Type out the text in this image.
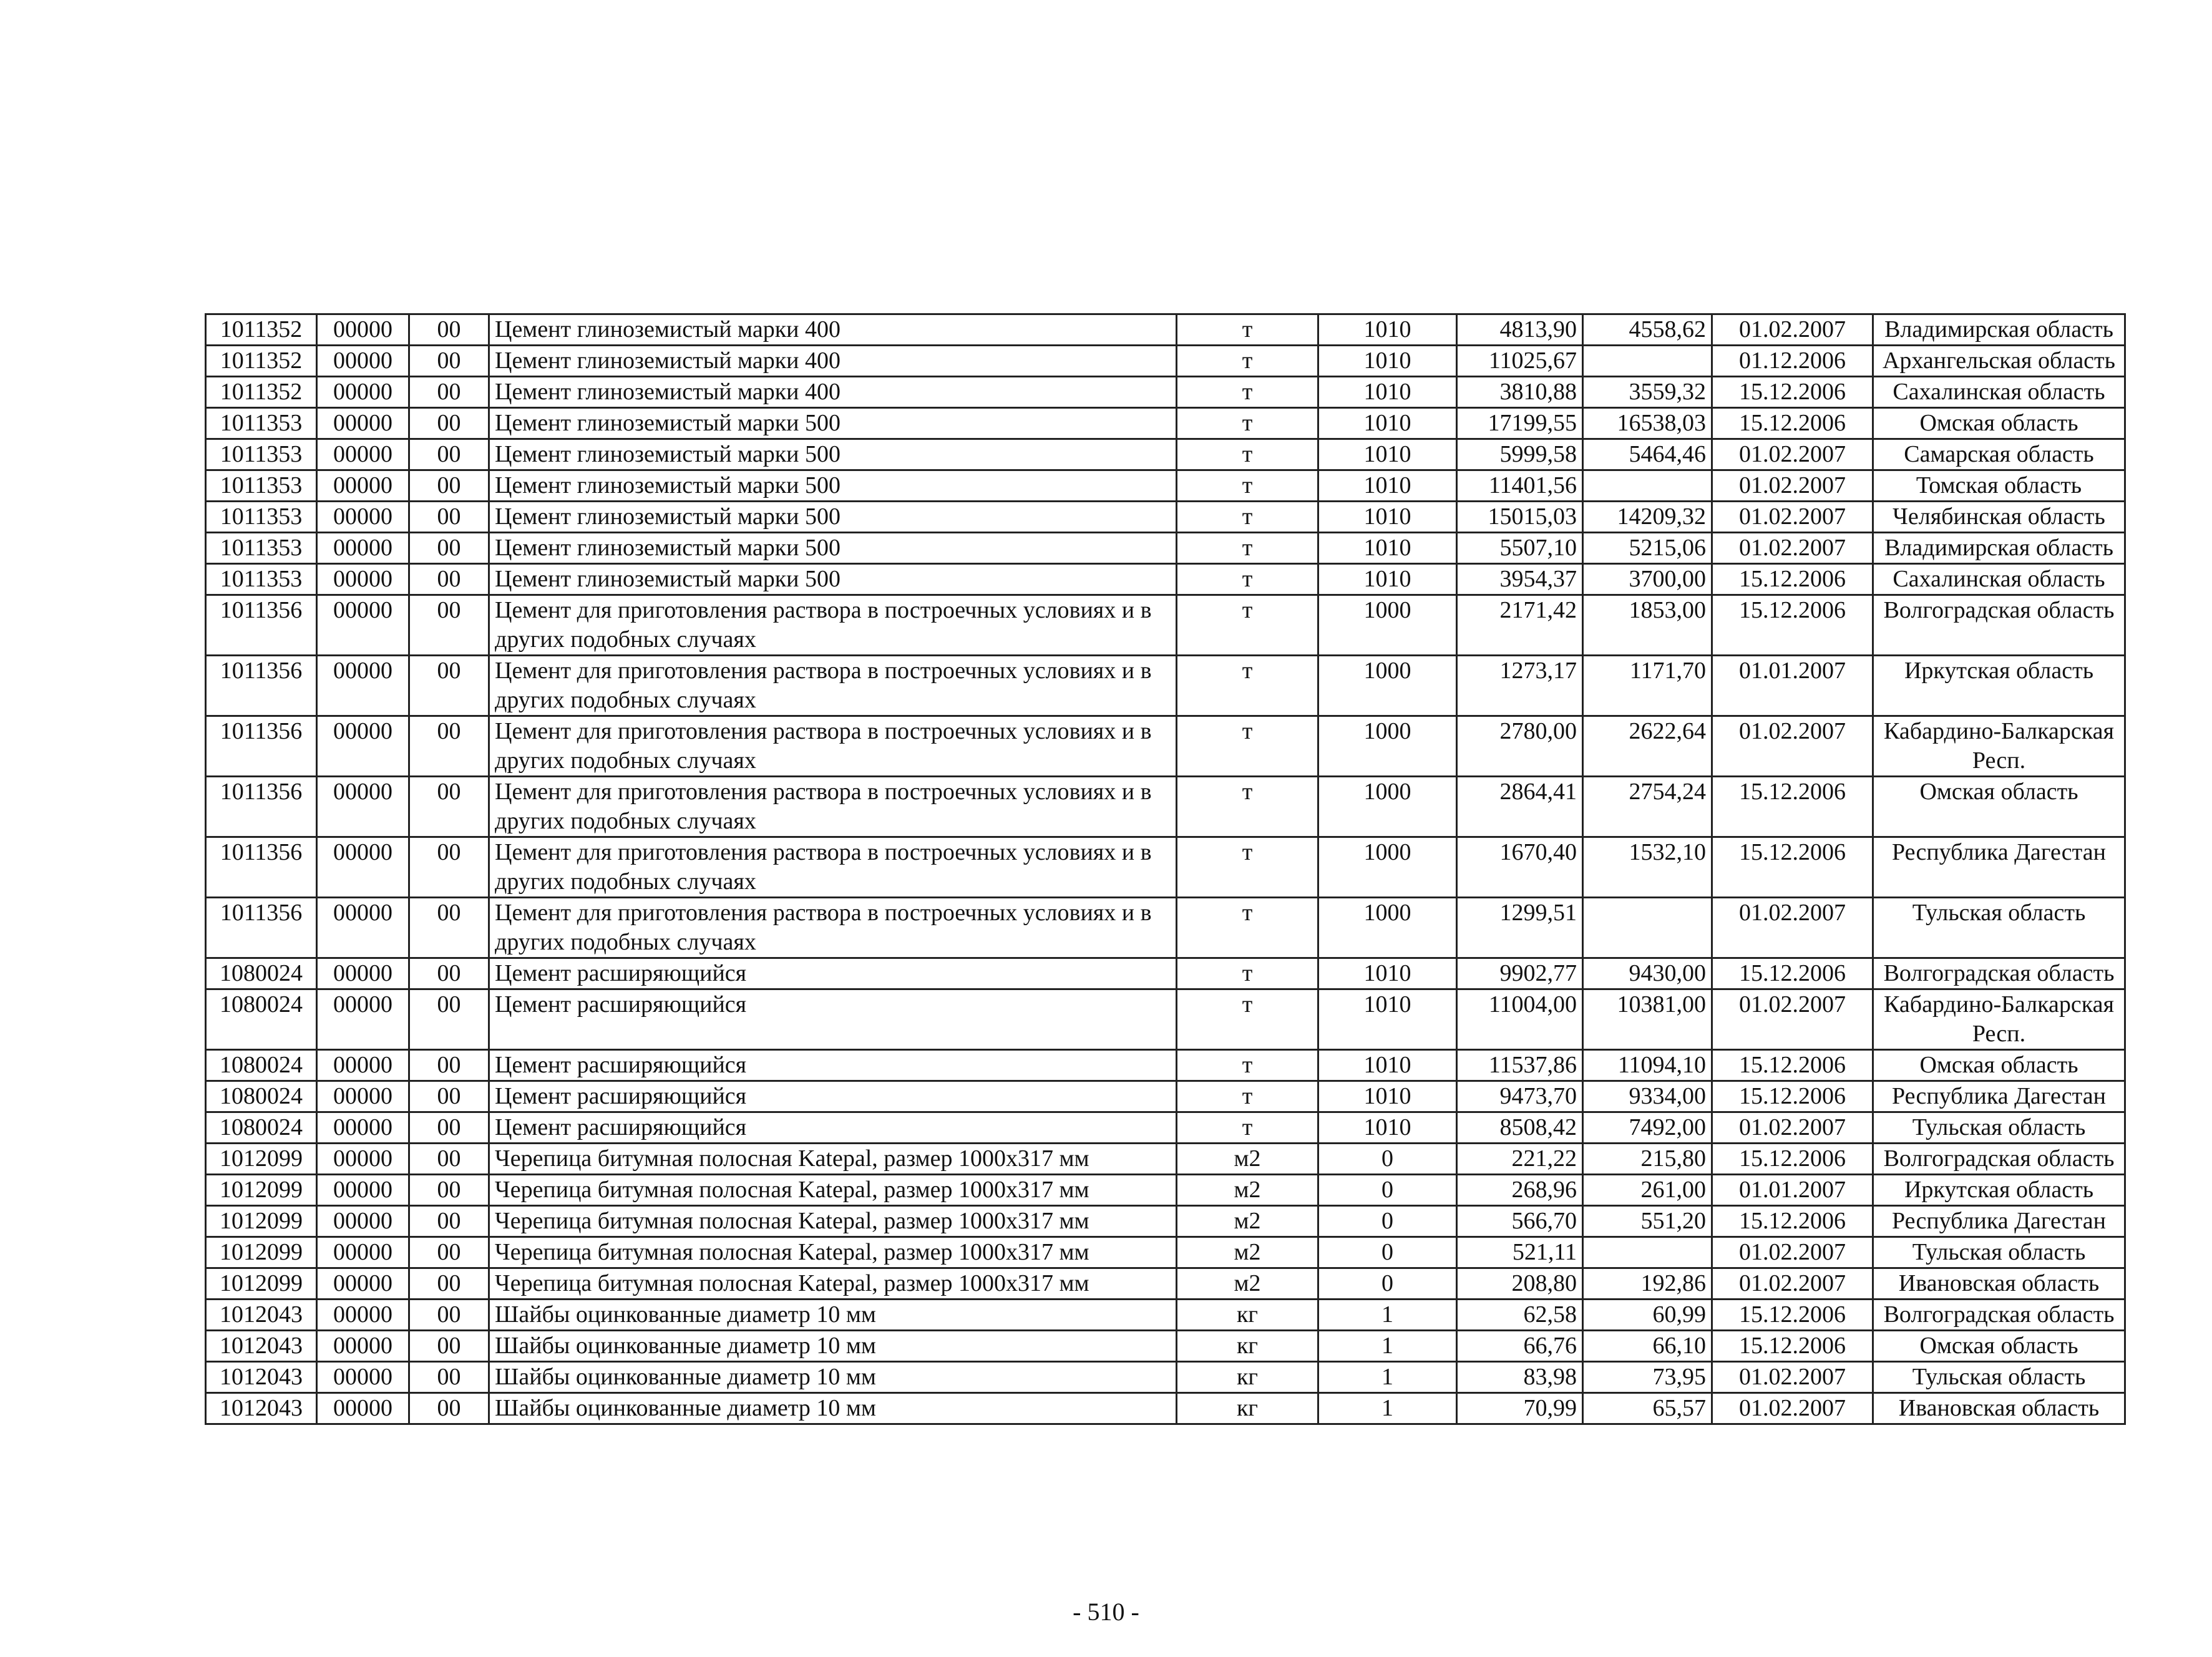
1011352	00000	00	Цемент глиноземистый марки 400	т	1010	4813,90	4558,62	01.02.2007	Владимирская область
1011352	00000	00	Цемент глиноземистый марки 400	т	1010	11025,67		01.12.2006	Архангельская область
1011352	00000	00	Цемент глиноземистый марки 400	т	1010	3810,88	3559,32	15.12.2006	Сахалинская область
1011353	00000	00	Цемент глиноземистый марки 500	т	1010	17199,55	16538,03	15.12.2006	Омская область
1011353	00000	00	Цемент глиноземистый марки 500	т	1010	5999,58	5464,46	01.02.2007	Самарская область
1011353	00000	00	Цемент глиноземистый марки 500	т	1010	11401,56		01.02.2007	Томская область
1011353	00000	00	Цемент глиноземистый марки 500	т	1010	15015,03	14209,32	01.02.2007	Челябинская область
1011353	00000	00	Цемент глиноземистый марки 500	т	1010	5507,10	5215,06	01.02.2007	Владимирская область
1011353	00000	00	Цемент глиноземистый марки 500	т	1010	3954,37	3700,00	15.12.2006	Сахалинская область
1011356	00000	00	Цемент для приготовления раствора в построечных условиях и в других подобных случаях	т	1000	2171,42	1853,00	15.12.2006	Волгоградская область
1011356	00000	00	Цемент для приготовления раствора в построечных условиях и в других подобных случаях	т	1000	1273,17	1171,70	01.01.2007	Иркутская область
1011356	00000	00	Цемент для приготовления раствора в построечных условиях и в других подобных случаях	т	1000	2780,00	2622,64	01.02.2007	Кабардино-Балкарская Респ.
1011356	00000	00	Цемент для приготовления раствора в построечных условиях и в других подобных случаях	т	1000	2864,41	2754,24	15.12.2006	Омская область
1011356	00000	00	Цемент для приготовления раствора в построечных условиях и в других подобных случаях	т	1000	1670,40	1532,10	15.12.2006	Республика Дагестан
1011356	00000	00	Цемент для приготовления раствора в построечных условиях и в других подобных случаях	т	1000	1299,51		01.02.2007	Тульская область
1080024	00000	00	Цемент расширяющийся	т	1010	9902,77	9430,00	15.12.2006	Волгоградская область
1080024	00000	00	Цемент расширяющийся	т	1010	11004,00	10381,00	01.02.2007	Кабардино-Балкарская Респ.
1080024	00000	00	Цемент расширяющийся	т	1010	11537,86	11094,10	15.12.2006	Омская область
1080024	00000	00	Цемент расширяющийся	т	1010	9473,70	9334,00	15.12.2006	Республика Дагестан
1080024	00000	00	Цемент расширяющийся	т	1010	8508,42	7492,00	01.02.2007	Тульская область
1012099	00000	00	Черепица битумная полосная Katepal, размер 1000х317 мм	м2	0	221,22	215,80	15.12.2006	Волгоградская область
1012099	00000	00	Черепица битумная полосная Katepal, размер 1000х317 мм	м2	0	268,96	261,00	01.01.2007	Иркутская область
1012099	00000	00	Черепица битумная полосная Katepal, размер 1000х317 мм	м2	0	566,70	551,20	15.12.2006	Республика Дагестан
1012099	00000	00	Черепица битумная полосная Katepal, размер 1000х317 мм	м2	0	521,11		01.02.2007	Тульская область
1012099	00000	00	Черепица битумная полосная Katepal, размер 1000х317 мм	м2	0	208,80	192,86	01.02.2007	Ивановская область
1012043	00000	00	Шайбы оцинкованные диаметр 10 мм	кг	1	62,58	60,99	15.12.2006	Волгоградская область
1012043	00000	00	Шайбы оцинкованные диаметр 10 мм	кг	1	66,76	66,10	15.12.2006	Омская область
1012043	00000	00	Шайбы оцинкованные диаметр 10 мм	кг	1	83,98	73,95	01.02.2007	Тульская область
1012043	00000	00	Шайбы оцинкованные диаметр 10 мм	кг	1	70,99	65,57	01.02.2007	Ивановская область
- 510 -
